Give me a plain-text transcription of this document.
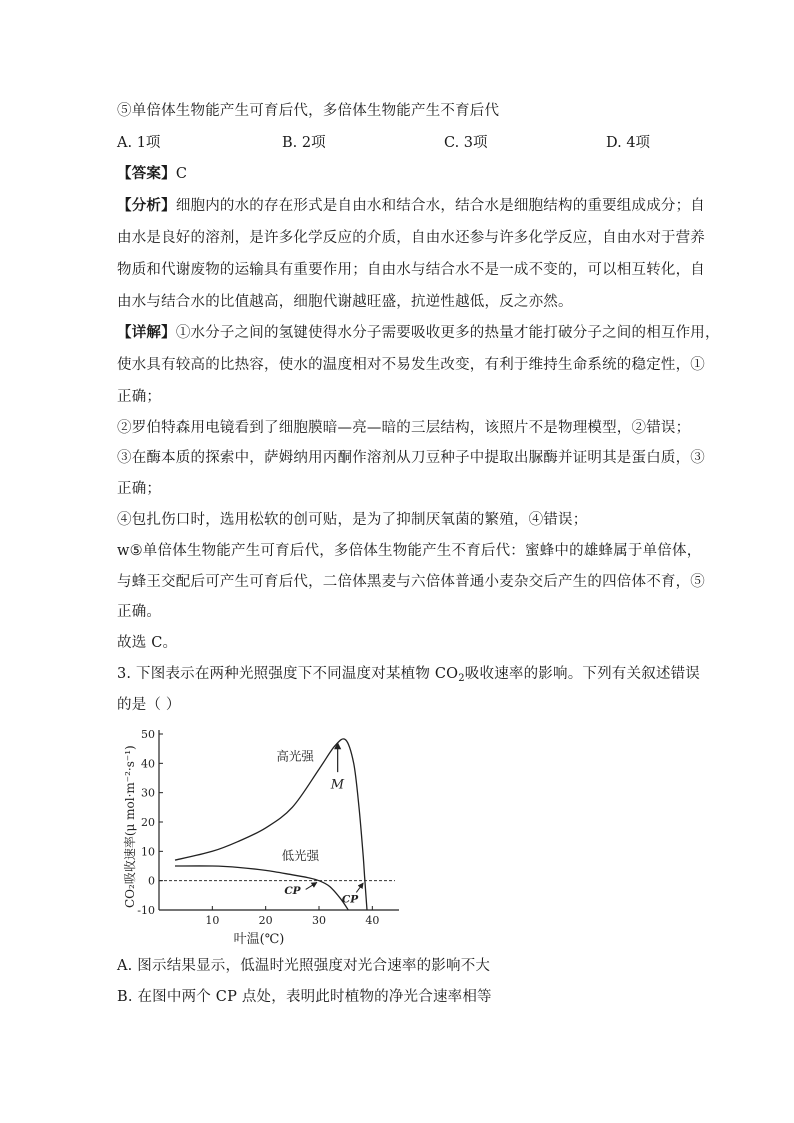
⑤单倍体生物能产生可育后代，多倍体生物能产生不育后代
A. 1项	B. 2项	C. 3项	D. 4项
【答案】C
【分析】细胞内的水的存在形式是自由水和结合水，结合水是细胞结构的重要组成成分；自
由水是良好的溶剂，是许多化学反应的介质，自由水还参与许多化学反应，自由水对于营养
物质和代谢废物的运输具有重要作用；自由水与结合水不是一成不变的，可以相互转化，自
由水与结合水的比值越高，细胞代谢越旺盛，抗逆性越低，反之亦然。
【详解】①水分子之间的氢键使得水分子需要吸收更多的热量才能打破分子之间的相互作用，
使水具有较高的比热容，使水的温度相对不易发生改变，有利于维持生命系统的稳定性，①
正确；
②罗伯特森用电镜看到了细胞膜暗—亮—暗的三层结构，该照片不是物理模型，②错误；
③在酶本质的探索中，萨姆纳用丙酮作溶剂从刀豆种子中提取出脲酶并证明其是蛋白质，③
正确；
④包扎伤口时，选用松软的创可贴，是为了抑制厌氧菌的繁殖，④错误；
w⑤单倍体生物能产生可育后代，多倍体生物能产生不育后代：蜜蜂中的雄蜂属于单倍体，
与蜂王交配后可产生可育后代，二倍体黑麦与六倍体普通小麦杂交后产生的四倍体不育，⑤
正确。
故选 C。
3. 下图表示在两种光照强度下不同温度对某植物 $CO_2$吸收速率的影响。下列有关叙述错误
的是（ ）
-10
0
10
20
30
40
50
10	20	30	40
高光强
低光强
M
CP
CP
叶温(℃)
CO₂吸收速率(μ mol·m⁻²·s⁻¹)
A. 图示结果显示，低温时光照强度对光合速率的影响不大
B. 在图中两个 CP 点处，表明此时植物的净光合速率相等
